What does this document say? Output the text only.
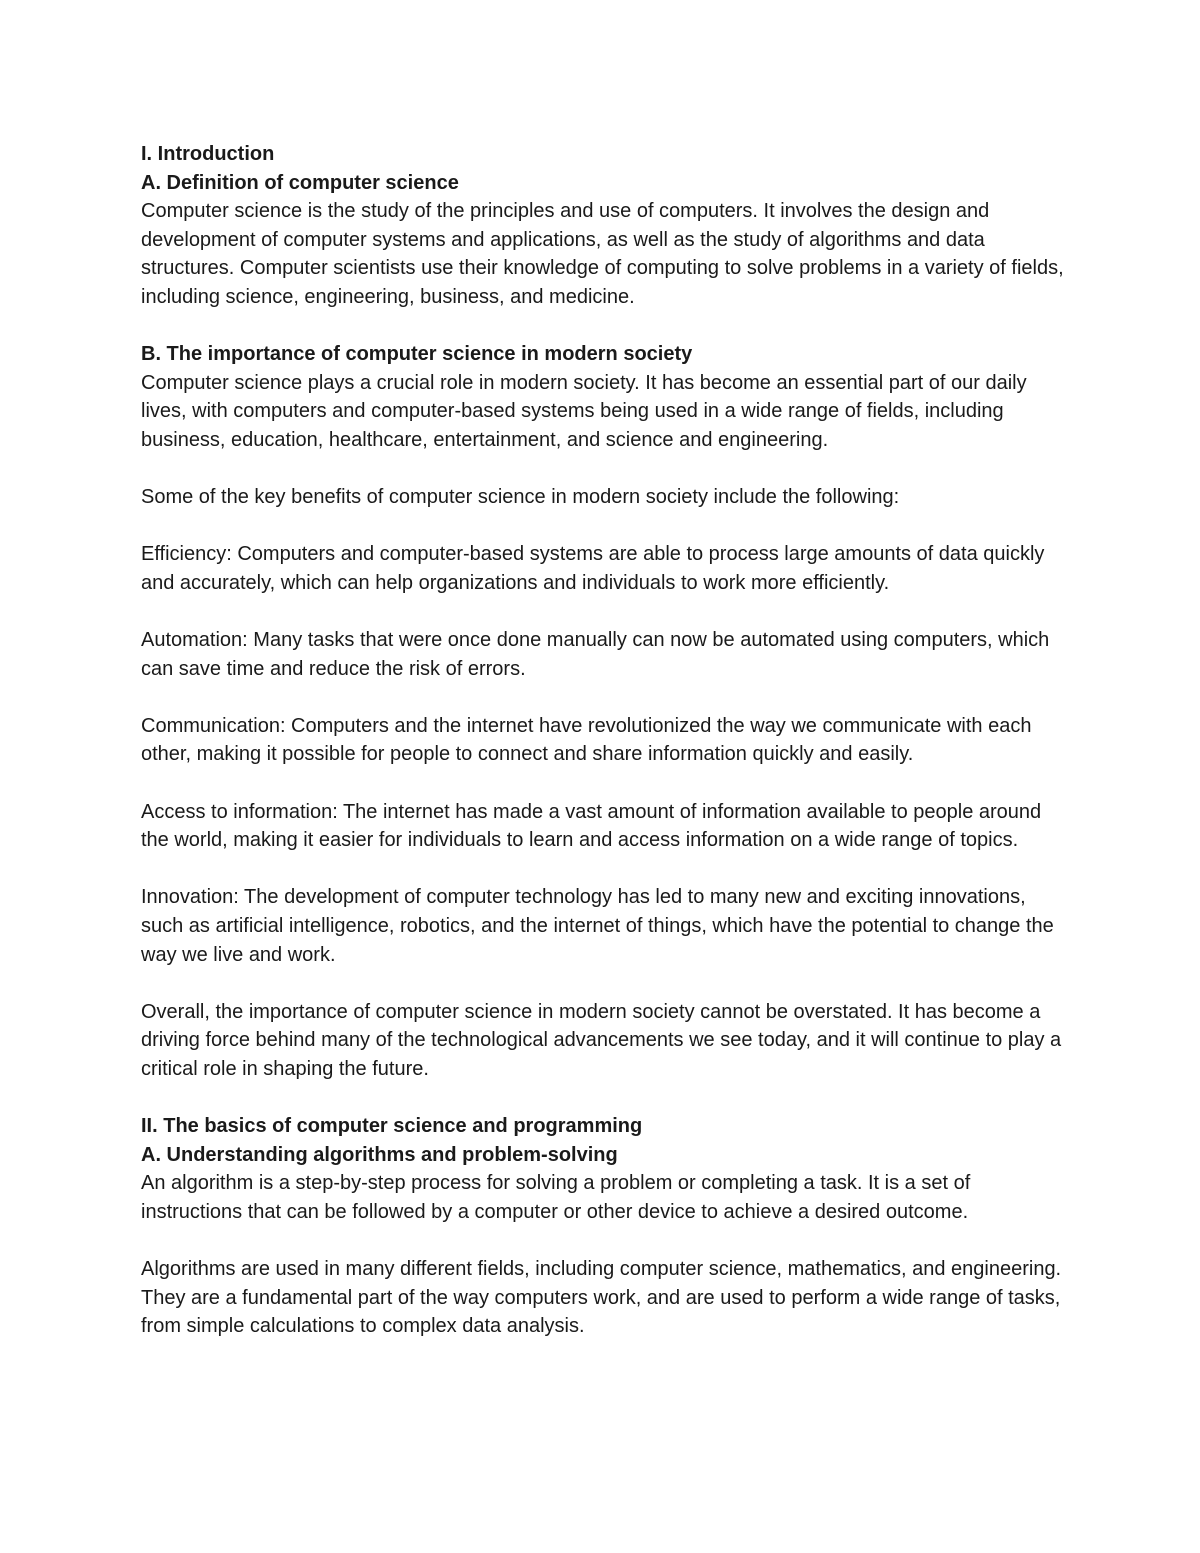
I. Introduction
A. Definition of computer science

Computer science is the study of the principles and use of computers. It involves the design and development of computer systems and applications, as well as the study of algorithms and data structures. Computer scientists use their knowledge of computing to solve problems in a variety of fields, including science, engineering, business, and medicine.

B. The importance of computer science in modern society

Computer science plays a crucial role in modern society. It has become an essential part of our daily lives, with computers and computer-based systems being used in a wide range of fields, including business, education, healthcare, entertainment, and science and engineering.

Some of the key benefits of computer science in modern society include the following:

Efficiency: Computers and computer-based systems are able to process large amounts of data quickly and accurately, which can help organizations and individuals to work more efficiently.

Automation: Many tasks that were once done manually can now be automated using computers, which can save time and reduce the risk of errors.

Communication: Computers and the internet have revolutionized the way we communicate with each other, making it possible for people to connect and share information quickly and easily.

Access to information: The internet has made a vast amount of information available to people around the world, making it easier for individuals to learn and access information on a wide range of topics.

Innovation: The development of computer technology has led to many new and exciting innovations, such as artificial intelligence, robotics, and the internet of things, which have the potential to change the way we live and work.

Overall, the importance of computer science in modern society cannot be overstated. It has become a driving force behind many of the technological advancements we see today, and it will continue to play a critical role in shaping the future.

II. The basics of computer science and programming
A. Understanding algorithms and problem-solving

An algorithm is a step-by-step process for solving a problem or completing a task. It is a set of instructions that can be followed by a computer or other device to achieve a desired outcome.

Algorithms are used in many different fields, including computer science, mathematics, and engineering. They are a fundamental part of the way computers work, and are used to perform a wide range of tasks, from simple calculations to complex data analysis.
